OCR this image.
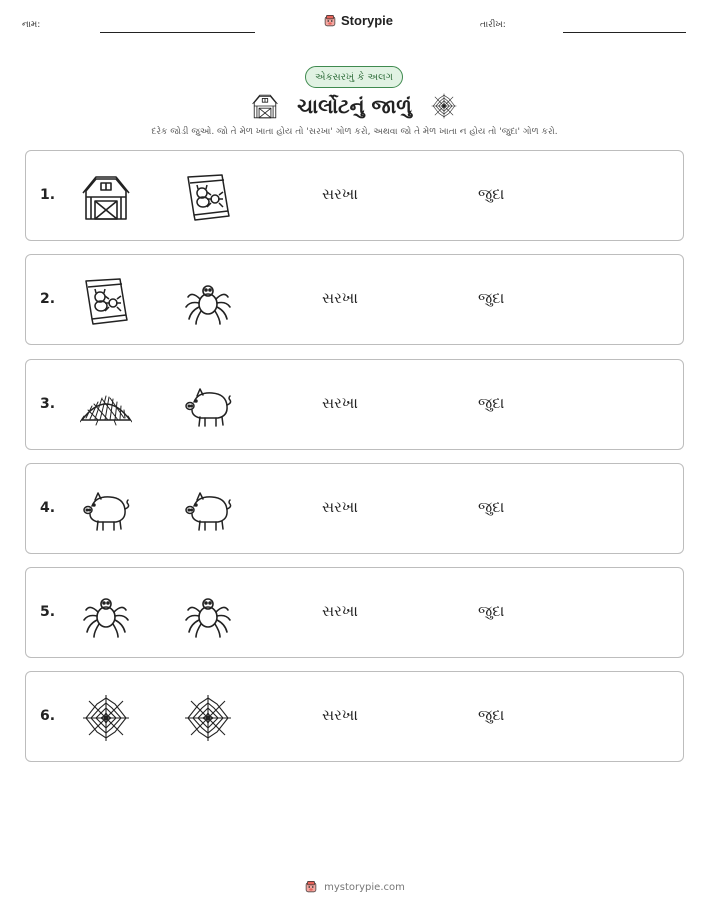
નામ:	Storypie	તારીખ:
એકસરખું કે અલગ
ચાર્લોટનું જાળું
દરેક જોડી જુઓ. જો તે મેળ ખાતા હોય તો 'સરખા' ગોળ કરો, અથવા જો તે મેળ ખાતા ન હોય તો 'જુદા' ગોળ કરો.
1.	સરખા	જુદા
2.	સરખા	જુદા
3.	સરખા	જુદા
4.	સરખા	જુદા
5.	સરખા	જુદા
6.	સરખા	જુદા
mystorypie.com
